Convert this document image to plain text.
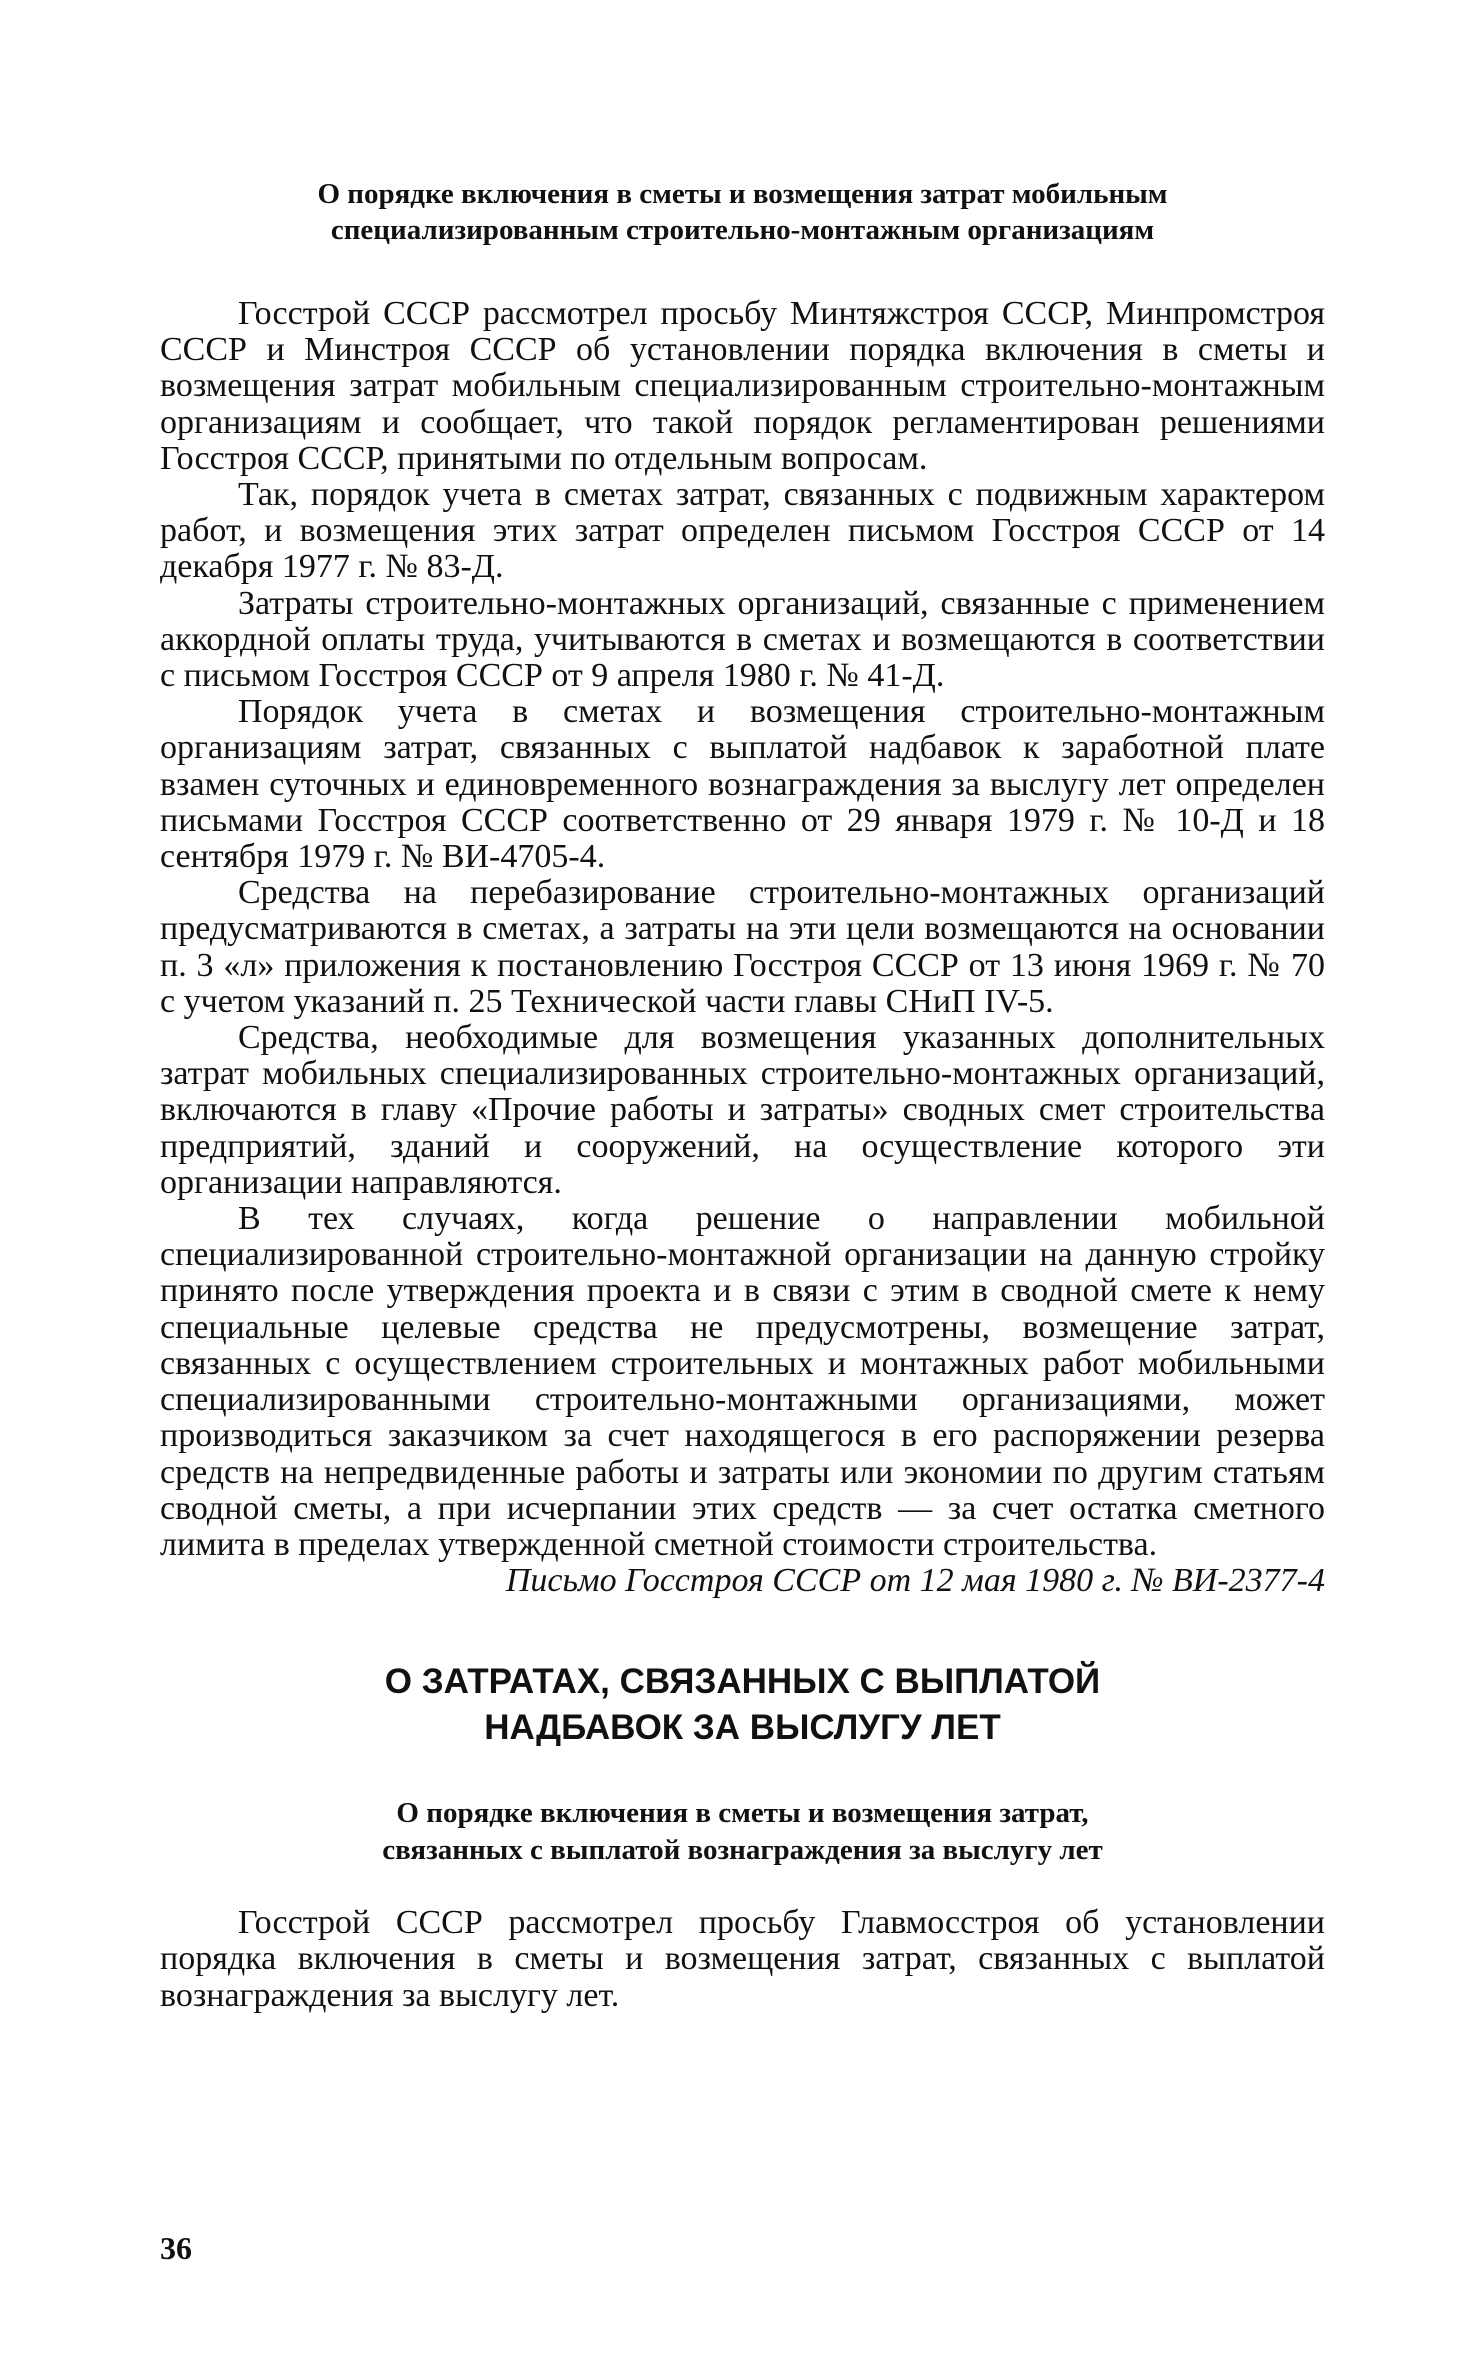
О порядке включения в сметы и возмещения затрат мобильным специализированным строительно-монтажным организациям

Госстрой СССР рассмотрел просьбу Минтяжстроя СССР, Минпромстроя СССР и Минстроя СССР об установлении порядка включения в сметы и возмещения затрат мобильным специализированным строительно-монтажным организациям и сообщает, что такой порядок регламентирован решениями Госстроя СССР, принятыми по отдельным вопросам.

Так, порядок учета в сметах затрат, связанных с подвижным характером работ, и возмещения этих затрат определен письмом Госстроя СССР от 14 декабря 1977 г. № 83-Д.

Затраты строительно-монтажных организаций, связанные с применением аккордной оплаты труда, учитываются в сметах и возмещаются в соответствии с письмом Госстроя СССР от 9 апреля 1980 г. № 41-Д.

Порядок учета в сметах и возмещения строительно-монтажным организациям затрат, связанных с выплатой надбавок к заработной плате взамен суточных и единовременного вознаграждения за выслугу лет определен письмами Госстроя СССР соответственно от 29 января 1979 г. № 10-Д и 18 сентября 1979 г. № ВИ-4705-4.

Средства на перебазирование строительно-монтажных организаций предусматриваются в сметах, а затраты на эти цели возмещаются на основании п. 3 «л» приложения к постановлению Госстроя СССР от 13 июня 1969 г. № 70 с учетом указаний п. 25 Технической части главы СНиП IV-5.

Средства, необходимые для возмещения указанных дополнительных затрат мобильных специализированных строительно-монтажных организаций, включаются в главу «Прочие работы и затраты» сводных смет строительства предприятий, зданий и сооружений, на осуществление которого эти организации направляются.

В тех случаях, когда решение о направлении мобильной специализированной строительно-монтажной организации на данную стройку принято после утверждения проекта и в связи с этим в сводной смете к нему специальные целевые средства не предусмотрены, возмещение затрат, связанных с осуществлением строительных и монтажных работ мобильными специализированными строительно-монтажными организациями, может производиться заказчиком за счет находящегося в его распоряжении резерва средств на непредвиденные работы и затраты или экономии по другим статьям сводной сметы, а при исчерпании этих средств — за счет остатка сметного лимита в пределах утвержденной сметной стоимости строительства.

Письмо Госстроя СССР от 12 мая 1980 г. № ВИ-2377-4

О ЗАТРАТАХ, СВЯЗАННЫХ С ВЫПЛАТОЙ
НАДБАВОК ЗА ВЫСЛУГУ ЛЕТ
О порядке включения в сметы и возмещения затрат,
связанных с выплатой вознаграждения за выслугу лет

Госстрой СССР рассмотрел просьбу Главмосстроя об установлении порядка включения в сметы и возмещения затрат, связанных с выплатой вознаграждения за выслугу лет.

36
